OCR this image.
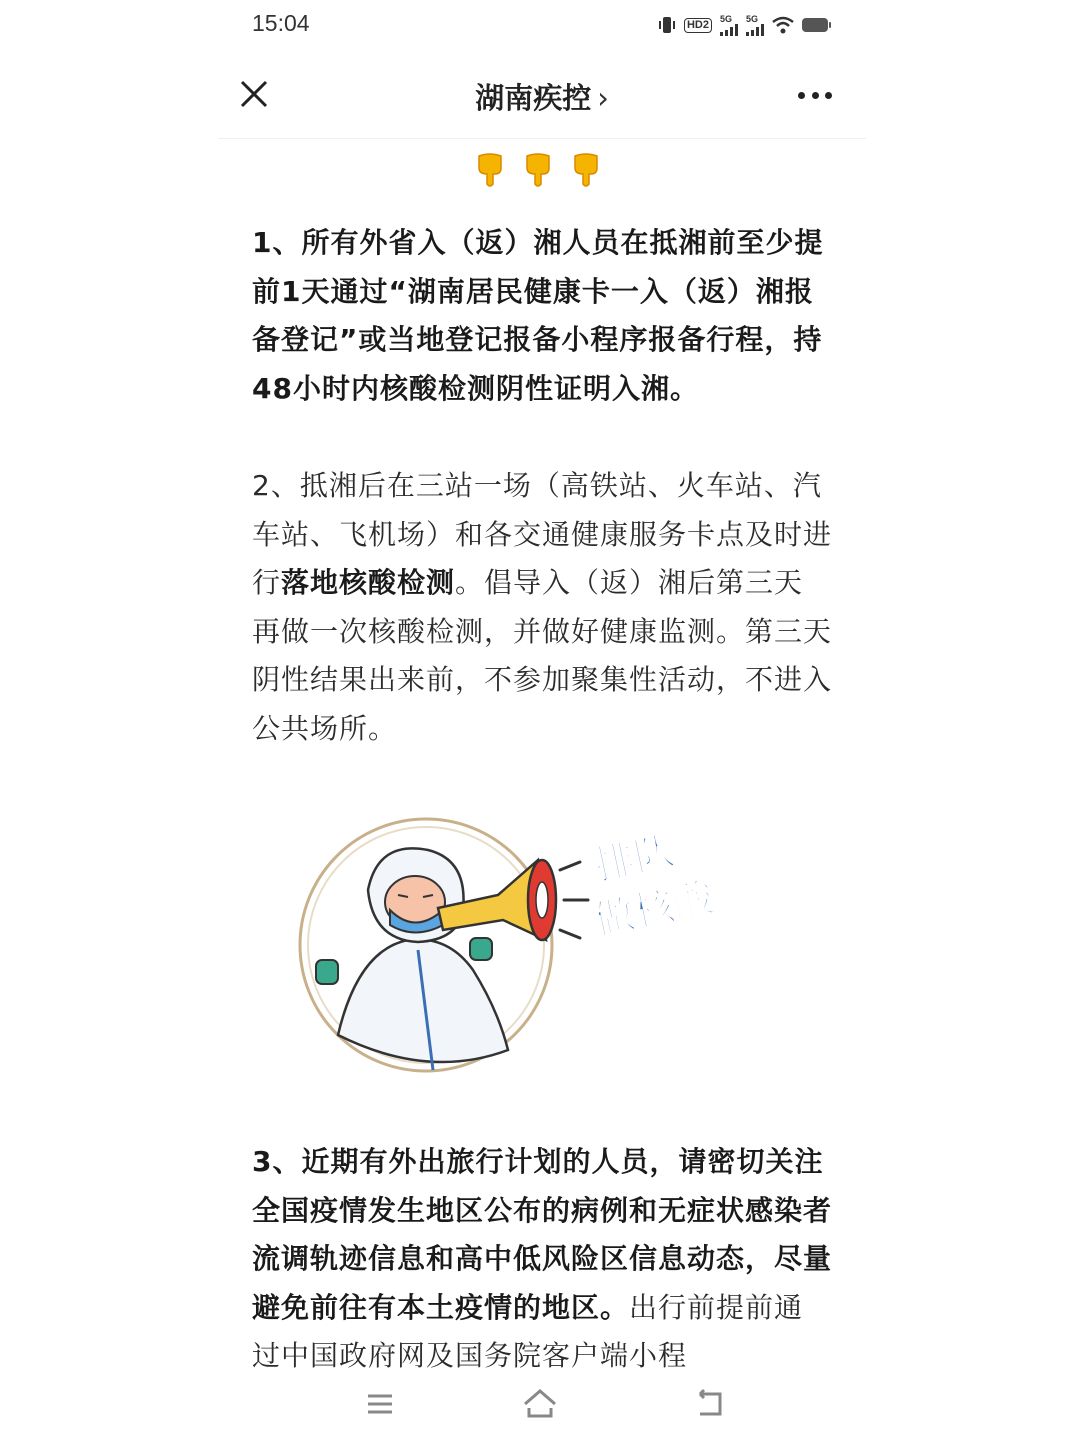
15:04	HD2	5G 5G
湖南疾控 ›

1、所有外省入（返）湘人员在抵湘前至少提前1天通过“湖南居民健康卡一入（返）湘报备登记”或当地登记报备小程序报备行程，持48小时内核酸检测阴性证明入湘。

2、抵湘后在三站一场（高铁站、火车站、汽车站、飞机场）和各交通健康服务卡点及时进行落地核酸检测。倡导入（返）湘后第三天再做一次核酸检测，并做好健康监测。第三天阴性结果出来前，不参加聚集性活动，不进入公共场所。

排队
做核酸

3、近期有外出旅行计划的人员，请密切关注全国疫情发生地区公布的病例和无症状感染者流调轨迹信息和高中低风险区信息动态，尽量避免前往有本土疫情的地区。出行前提前通过中国政府网及国务院客户端小程
